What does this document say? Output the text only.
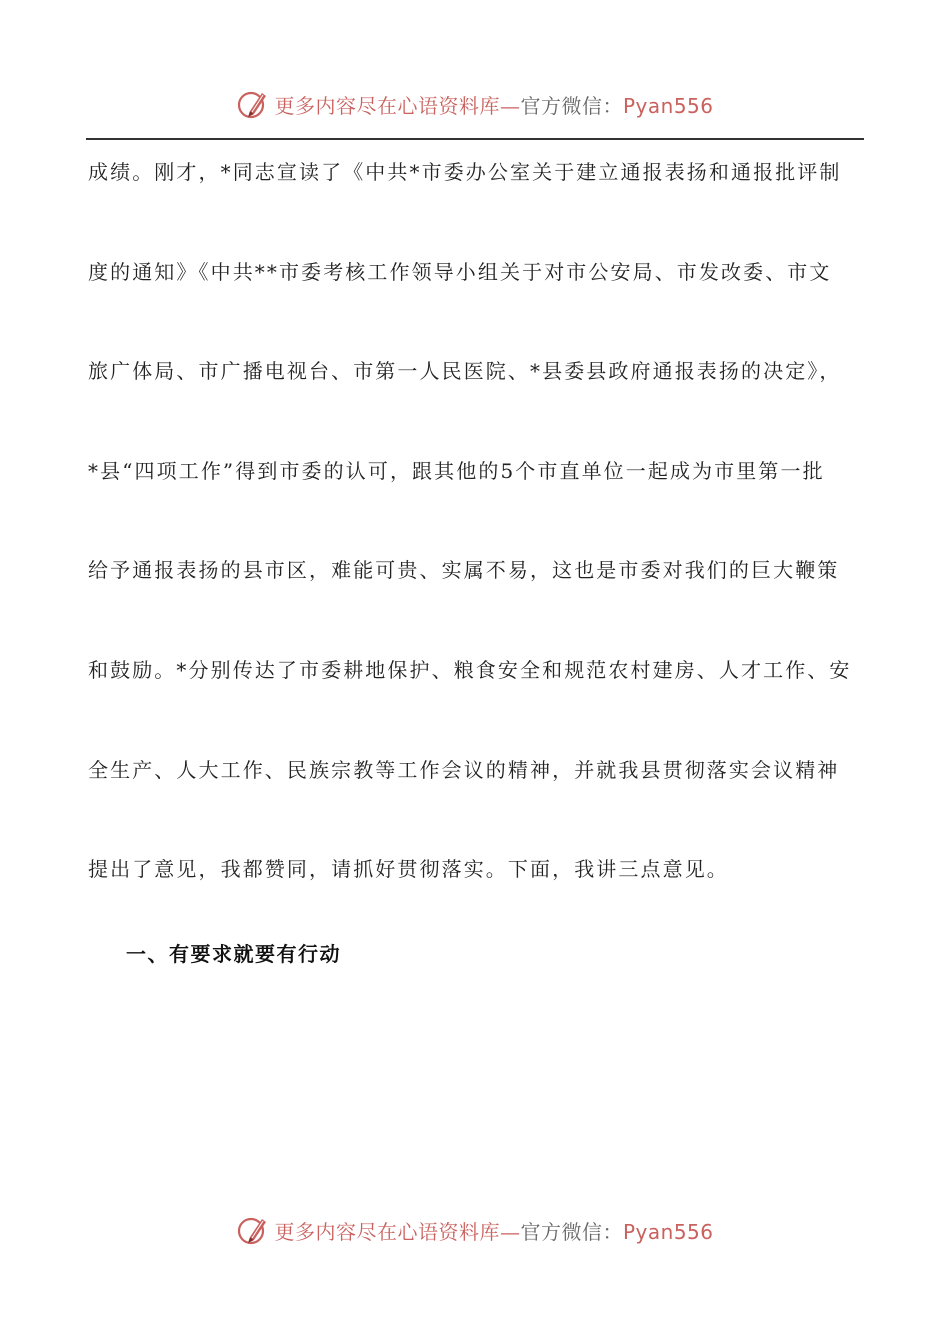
更多内容尽在心语资料库—官方微信：Pyan556
成绩。刚才，*同志宣读了《中共*市委办公室关于建立通报表扬和通报批评制
度的通知》《中共**市委考核工作领导小组关于对市公安局、市发改委、市文
旅广体局、市广播电视台、市第一人民医院、*县委县政府通报表扬的决定》，
*县“四项工作”得到市委的认可，跟其他的5个市直单位一起成为市里第一批
给予通报表扬的县市区，难能可贵、实属不易，这也是市委对我们的巨大鞭策
和鼓励。*分别传达了市委耕地保护、粮食安全和规范农村建房、人才工作、安
全生产、人大工作、民族宗教等工作会议的精神，并就我县贯彻落实会议精神
提出了意见，我都赞同，请抓好贯彻落实。下面，我讲三点意见。
一、有要求就要有行动
更多内容尽在心语资料库—官方微信：Pyan556
